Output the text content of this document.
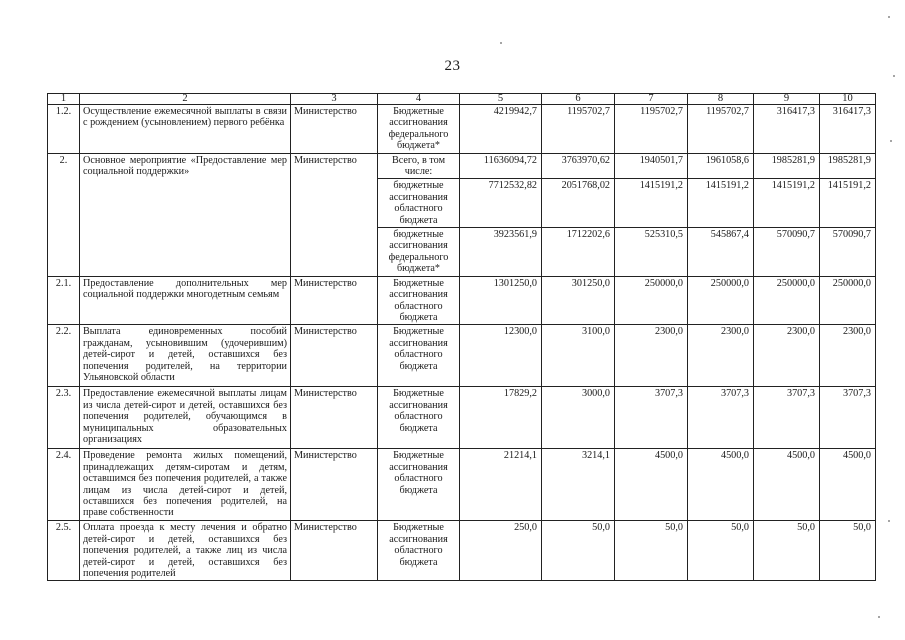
23
1	2	3	4	5	6	7	8	9	10
1.2.	Осуществление ежемесячной выплаты в связи с рождением (усыновлением) первого ребёнка	Министерство	Бюджетные ассигнования федерального бюджета*	4219942,7	1195702,7	1195702,7	1195702,7	316417,3	316417,3
2.	Основное мероприятие «Предоставление мер социальной поддержки»	Министерство	Всего, в том числе:	11636094,72	3763970,62	1940501,7	1961058,6	1985281,9	1985281,9
			бюджетные ассигнования областного бюджета	7712532,82	2051768,02	1415191,2	1415191,2	1415191,2	1415191,2
			бюджетные ассигнования федерального бюджета*	3923561,9	1712202,6	525310,5	545867,4	570090,7	570090,7
2.1.	Предоставление дополнительных мер социальной поддержки многодетным семьям	Министерство	Бюджетные ассигнования областного бюджета	1301250,0	301250,0	250000,0	250000,0	250000,0	250000,0
2.2.	Выплата единовременных пособий гражданам, усыновившим (удочерившим) детей-сирот и детей, оставшихся без попечения родителей, на территории Ульяновской области	Министерство	Бюджетные ассигнования областного бюджета	12300,0	3100,0	2300,0	2300,0	2300,0	2300,0
2.3.	Предоставление ежемесячной выплаты лицам из числа детей-сирот и детей, оставшихся без попечения родителей, обучающимся в муниципальных образовательных организациях	Министерство	Бюджетные ассигнования областного бюджета	17829,2	3000,0	3707,3	3707,3	3707,3	3707,3
2.4.	Проведение ремонта жилых помещений, принадлежащих детям-сиротам и детям, оставшимся без попечения родителей, а также лицам из числа детей-сирот и детей, оставшихся без попечения родителей, на праве собственности	Министерство	Бюджетные ассигнования областного бюджета	21214,1	3214,1	4500,0	4500,0	4500,0	4500,0
2.5.	Оплата проезда к месту лечения и обратно детей-сирот и детей, оставшихся без попечения родителей, а также лиц из числа детей-сирот и детей, оставшихся без попечения родителей	Министерство	Бюджетные ассигнования областного бюджета	250,0	50,0	50,0	50,0	50,0	50,0
